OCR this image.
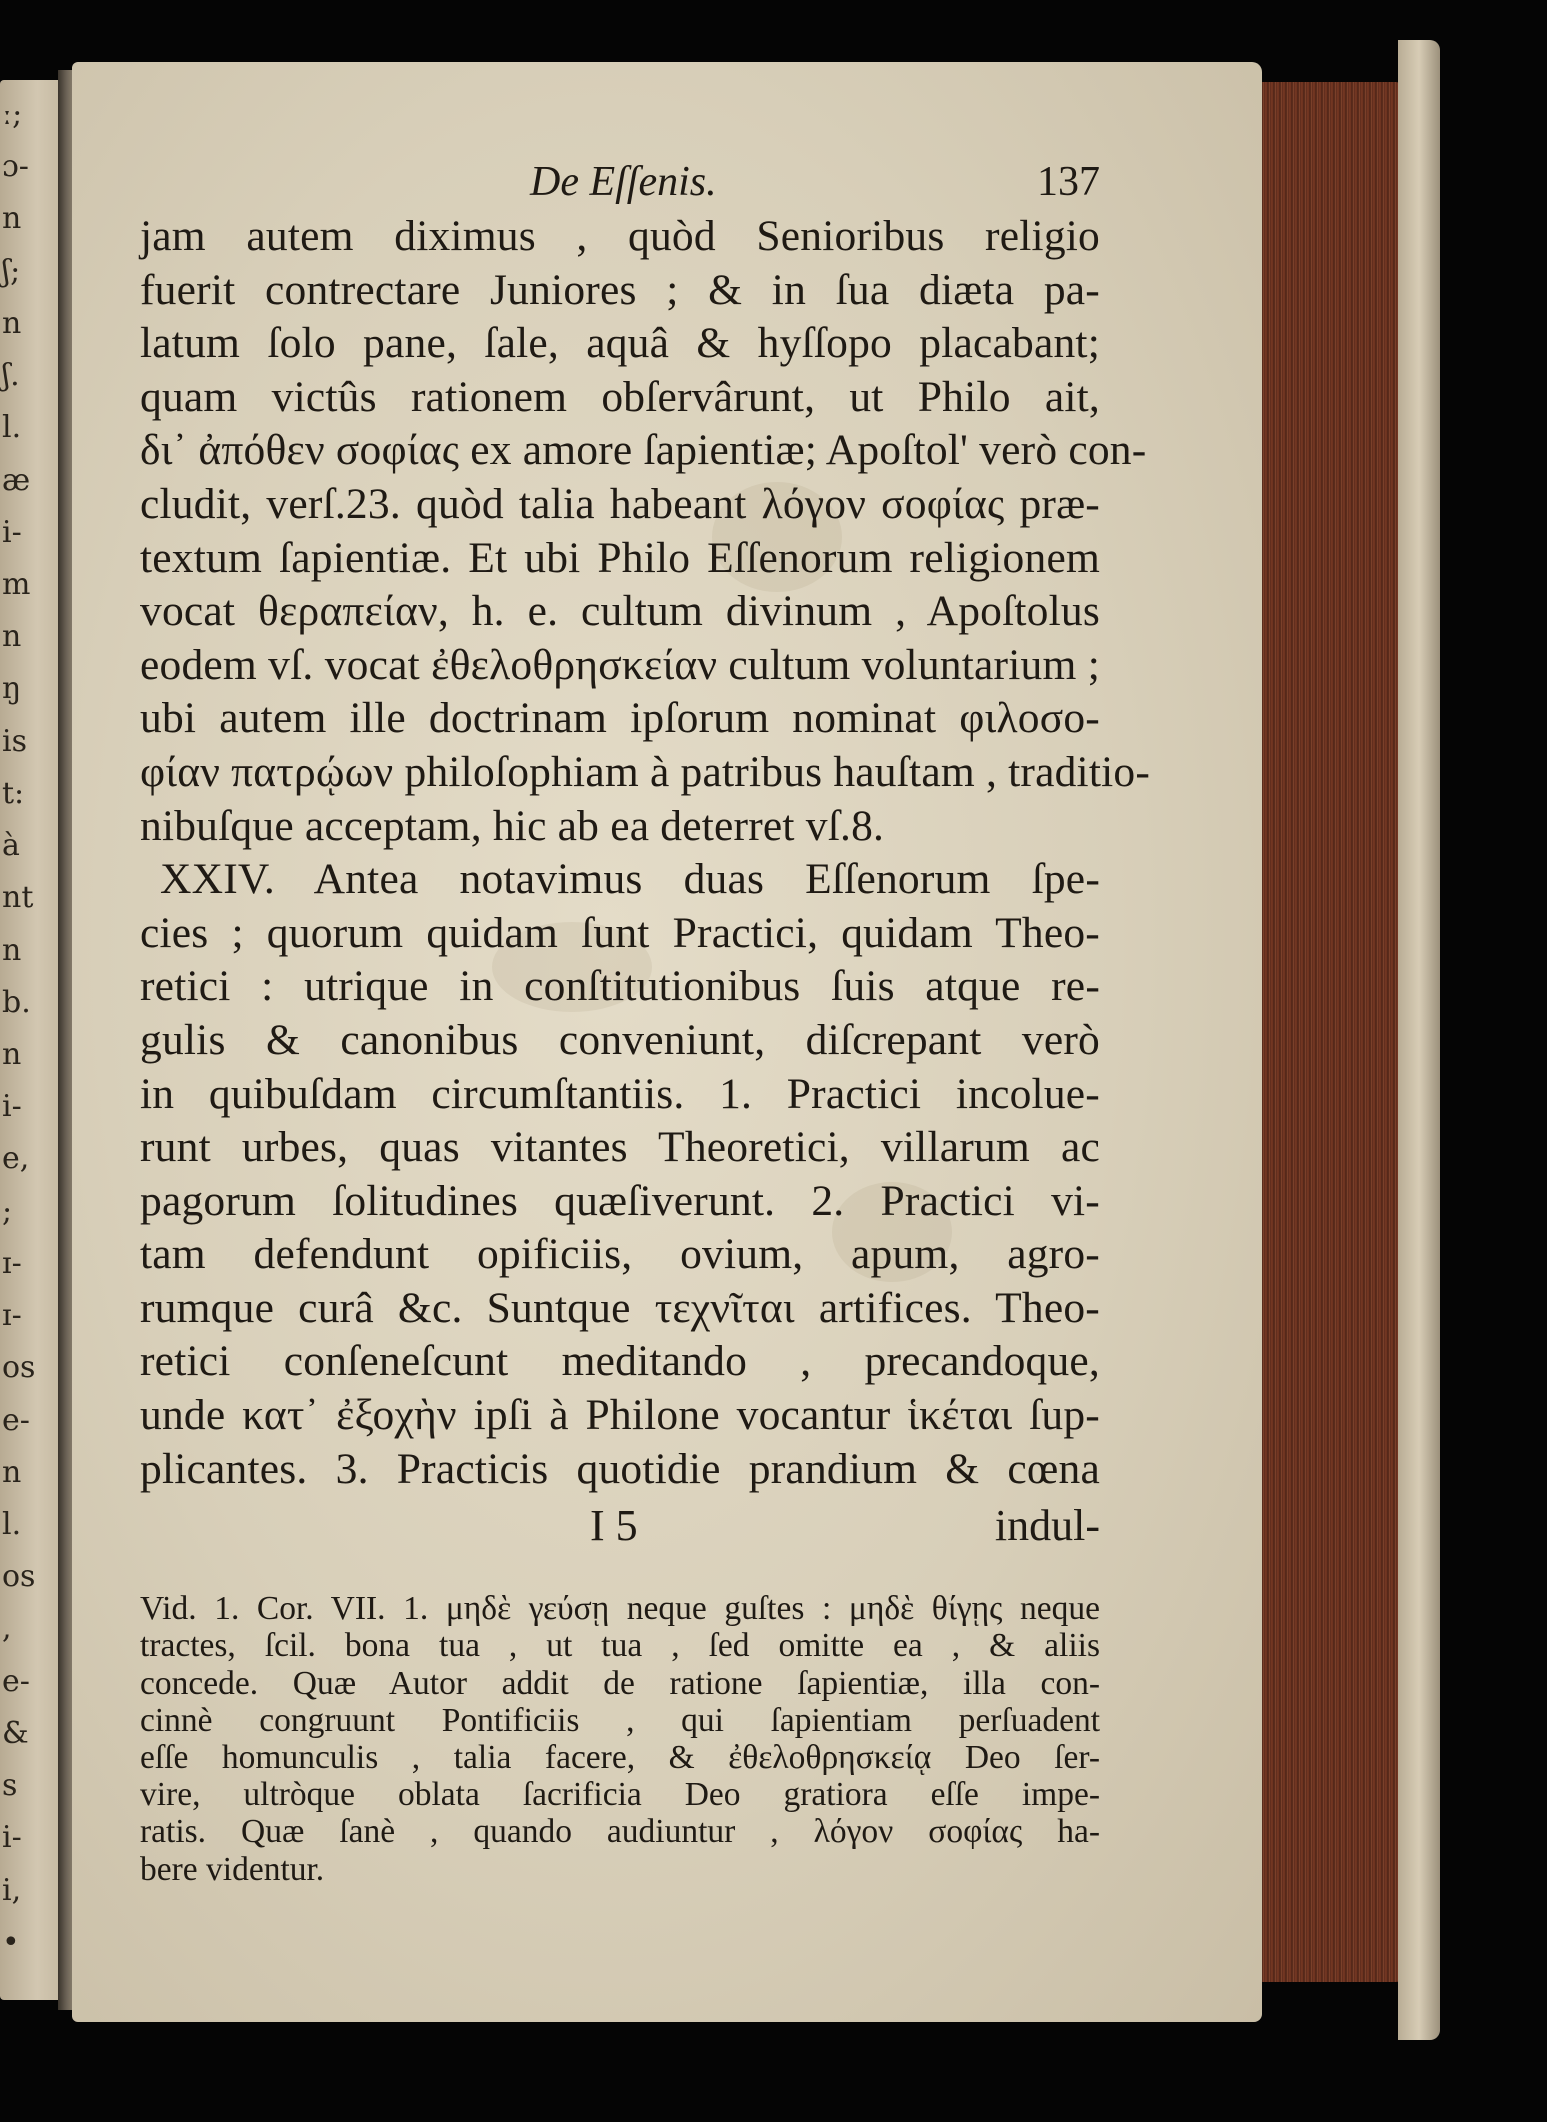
ː;
ɔ-
n
ʃ;
n
ʃ.
l.
æ
i-
m
n
ŋ
is
t:
à
nt
n
b.
n
i-
e,
;
ɪ-
ɪ-
os
e-
n
l.
os
,
e-
&
s
i-
i,
•
De Eſſenis.	137
jam autem diximus , quòd Senioribus religio
fuerit contrectare Juniores ; & in ſua diæta pa-
latum ſolo pane, ſale, aquâ & hyſſopo placabant;
quam victûs rationem obſervârunt, ut Philo ait,
δι᾽ ἀπόθεν σοφίας ex amore ſapientiæ; Apoſtol' verò con-
cludit, verſ.23. quòd talia habeant λόγον σοφίας præ-
textum ſapientiæ. Et ubi Philo Eſſenorum religionem
vocat θεραπείαν, h. e. cultum divinum , Apoſtolus
eodem vſ. vocat ἐθελοθρησκείαν cultum voluntarium ;
ubi autem ille doctrinam ipſorum nominat φιλοσο-
φίαν πατρῴων philoſophiam à patribus hauſtam , traditio-
nibuſque acceptam, hic ab ea deterret vſ.8.
XXIV. Antea notavimus duas Eſſenorum ſpe-
cies ; quorum quidam ſunt Practici, quidam Theo-
retici : utrique in conſtitutionibus ſuis atque re-
gulis & canonibus conveniunt, diſcrepant verò
in quibuſdam circumſtantiis. 1. Practici incolue-
runt urbes, quas vitantes Theoretici, villarum ac
pagorum ſolitudines quæſiverunt. 2. Practici vi-
tam defendunt opificiis, ovium, apum, agro-
rumque curâ &c. Suntque τεχνῖται artifices. Theo-
retici conſeneſcunt meditando , precandoque,
unde κατ᾽ ἐξοχὴν ipſi à Philone vocantur ἱκέται ſup-
plicantes. 3. Practicis quotidie prandium & cœna
I 5	indul-
Vid. 1. Cor. VII. 1. μηδὲ γεύσῃ neque guſtes : μηδὲ θίγῃς neque
tractes, ſcil. bona tua , ut tua , ſed omitte ea , & aliis
concede. Quæ Autor addit de ratione ſapientiæ, illa con-
cinnè congruunt Pontificiis , qui ſapientiam perſuadent
eſſe homunculis , talia facere, & ἐθελοθρησκείᾳ Deo ſer-
vire, ultròque oblata ſacrificia Deo gratiora eſſe impe-
ratis. Quæ ſanè , quando audiuntur , λόγον σοφίας ha-
bere videntur.
